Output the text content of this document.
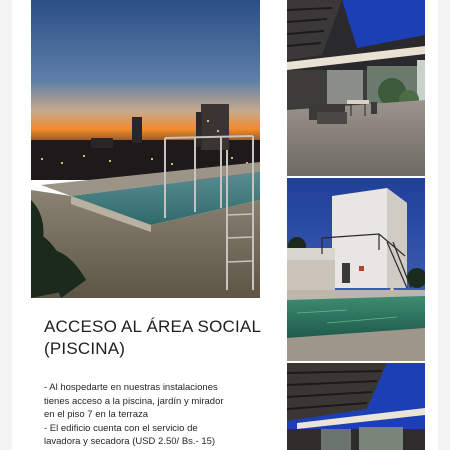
ACCESO AL ÁREA SOCIAL
(PISCINA)

- Al hospedarte en nuestras instalaciones
tienes acceso a la piscina, jardín y mirador
en el piso 7 en la terraza

- El edificio cuenta con el servicio de
lavadora y secadora (USD 2.50/ Bs.- 15)
